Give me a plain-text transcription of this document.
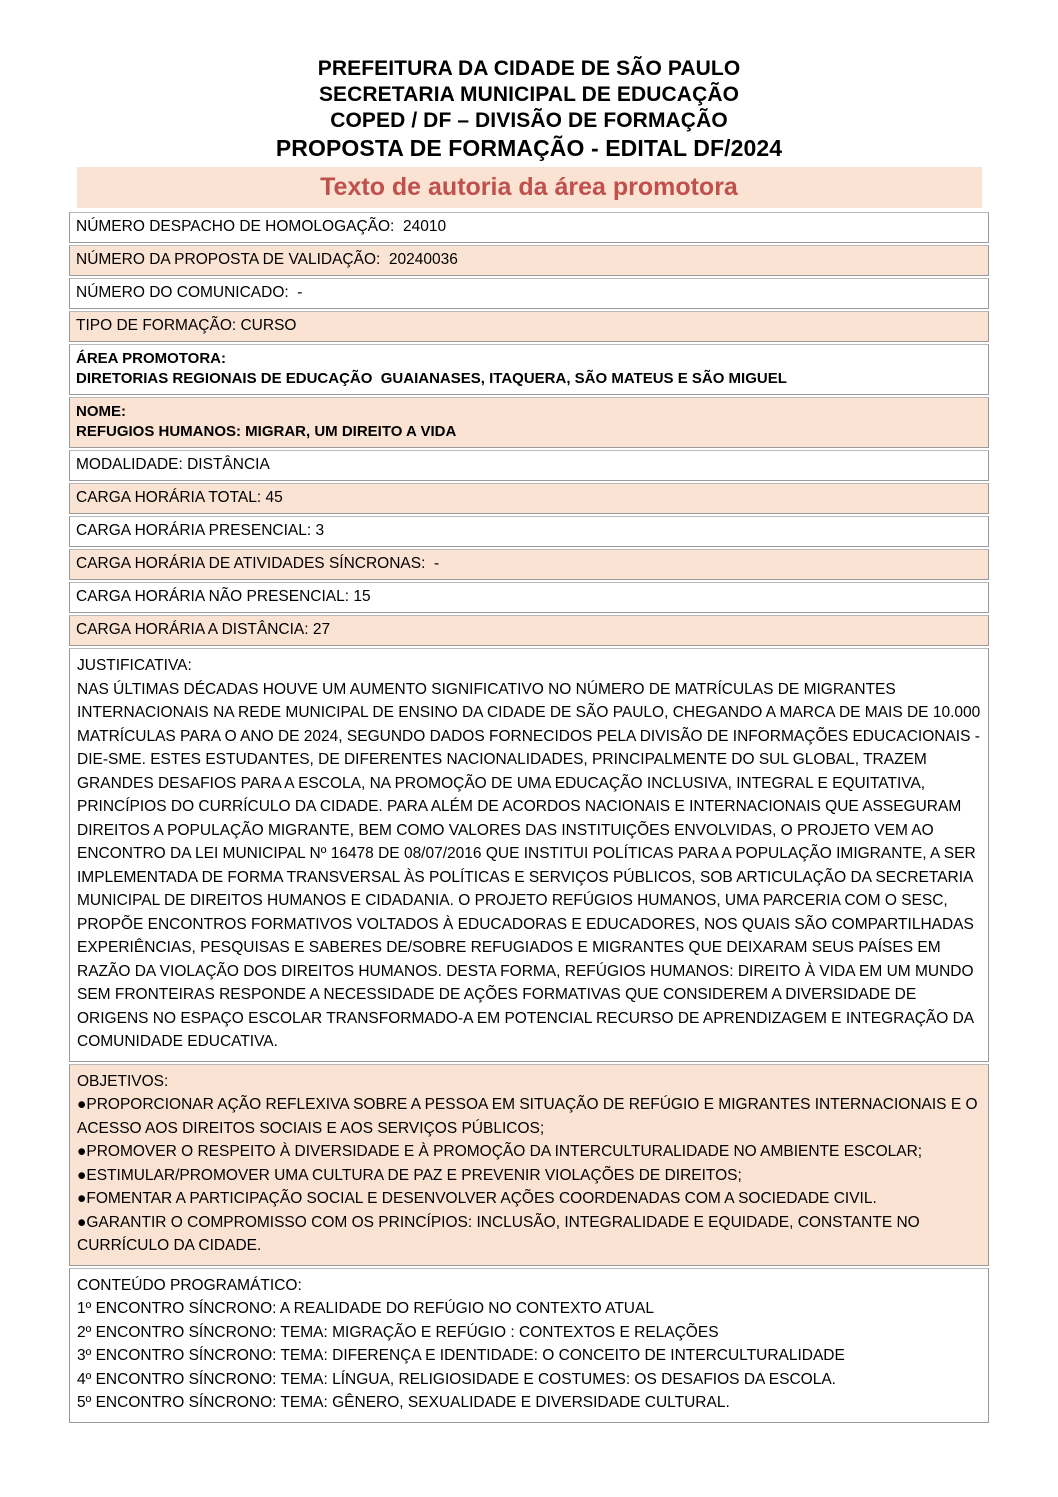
PREFEITURA DA CIDADE DE SÃO PAULO
SECRETARIA MUNICIPAL DE EDUCAÇÃO
COPED / DF – DIVISÃO DE FORMAÇÃO
PROPOSTA DE FORMAÇÃO - EDITAL DF/2024
Texto de autoria da área promotora
NÚMERO DESPACHO DE HOMOLOGAÇÃO:  24010
NÚMERO DA PROPOSTA DE VALIDAÇÃO:  20240036
NÚMERO DO COMUNICADO:  -
TIPO DE FORMAÇÃO: CURSO
ÁREA PROMOTORA:
DIRETORIAS REGIONAIS DE EDUCAÇÃO  GUAIANASES, ITAQUERA, SÃO MATEUS E SÃO MIGUEL
NOME:
REFUGIOS HUMANOS: MIGRAR, UM DIREITO A VIDA
MODALIDADE: DISTÂNCIA
CARGA HORÁRIA TOTAL: 45
CARGA HORÁRIA PRESENCIAL: 3
CARGA HORÁRIA DE ATIVIDADES SÍNCRONAS:  -
CARGA HORÁRIA NÃO PRESENCIAL: 15
CARGA HORÁRIA A DISTÂNCIA: 27
JUSTIFICATIVA:
NAS ÚLTIMAS DÉCADAS HOUVE UM AUMENTO SIGNIFICATIVO NO NÚMERO DE MATRÍCULAS DE MIGRANTES INTERNACIONAIS NA REDE MUNICIPAL DE ENSINO DA CIDADE DE SÃO PAULO, CHEGANDO A MARCA DE MAIS DE 10.000 MATRÍCULAS PARA O ANO DE 2024, SEGUNDO DADOS FORNECIDOS PELA DIVISÃO DE INFORMAÇÕES EDUCACIONAIS - DIE-SME. ESTES ESTUDANTES, DE DIFERENTES NACIONALIDADES, PRINCIPALMENTE DO SUL GLOBAL, TRAZEM GRANDES DESAFIOS PARA A ESCOLA, NA PROMOÇÃO DE UMA EDUCAÇÃO INCLUSIVA, INTEGRAL E EQUITATIVA, PRINCÍPIOS DO CURRÍCULO DA CIDADE. PARA ALÉM DE ACORDOS NACIONAIS E INTERNACIONAIS QUE ASSEGURAM DIREITOS A POPULAÇÃO MIGRANTE, BEM COMO VALORES DAS INSTITUIÇÕES ENVOLVIDAS, O PROJETO VEM AO ENCONTRO DA LEI MUNICIPAL Nº 16478 DE 08/07/2016 QUE INSTITUI POLÍTICAS PARA A POPULAÇÃO IMIGRANTE, A SER IMPLEMENTADA DE FORMA TRANSVERSAL ÀS POLÍTICAS E SERVIÇOS PÚBLICOS, SOB ARTICULAÇÃO DA SECRETARIA MUNICIPAL DE DIREITOS HUMANOS E CIDADANIA. O PROJETO REFÚGIOS HUMANOS, UMA PARCERIA COM O SESC, PROPÕE ENCONTROS FORMATIVOS VOLTADOS À EDUCADORAS E EDUCADORES, NOS QUAIS SÃO COMPARTILHADAS EXPERIÊNCIAS, PESQUISAS E SABERES DE/SOBRE REFUGIADOS E MIGRANTES QUE DEIXARAM SEUS PAÍSES EM RAZÃO DA VIOLAÇÃO DOS DIREITOS HUMANOS. DESTA FORMA, REFÚGIOS HUMANOS: DIREITO À VIDA EM UM MUNDO SEM FRONTEIRAS RESPONDE A NECESSIDADE DE AÇÕES FORMATIVAS QUE CONSIDEREM A DIVERSIDADE DE ORIGENS NO ESPAÇO ESCOLAR TRANSFORMADO-A EM POTENCIAL RECURSO DE APRENDIZAGEM E INTEGRAÇÃO DA COMUNIDADE EDUCATIVA.
OBJETIVOS:
●PROPORCIONAR AÇÃO REFLEXIVA SOBRE A PESSOA EM SITUAÇÃO DE REFÚGIO E MIGRANTES INTERNACIONAIS E O ACESSO AOS DIREITOS SOCIAIS E AOS SERVIÇOS PÚBLICOS;
●PROMOVER O RESPEITO À DIVERSIDADE E À PROMOÇÃO DA INTERCULTURALIDADE NO AMBIENTE ESCOLAR;
●ESTIMULAR/PROMOVER UMA CULTURA DE PAZ E PREVENIR VIOLAÇÕES DE DIREITOS;
●FOMENTAR A PARTICIPAÇÃO SOCIAL E DESENVOLVER AÇÕES COORDENADAS COM A SOCIEDADE CIVIL.
●GARANTIR O COMPROMISSO COM OS PRINCÍPIOS: INCLUSÃO, INTEGRALIDADE E EQUIDADE, CONSTANTE NO CURRÍCULO DA CIDADE.
CONTEÚDO PROGRAMÁTICO:
1º ENCONTRO SÍNCRONO: A REALIDADE DO REFÚGIO NO CONTEXTO ATUAL
2º ENCONTRO SÍNCRONO: TEMA: MIGRAÇÃO E REFÚGIO : CONTEXTOS E RELAÇÕES
3º ENCONTRO SÍNCRONO: TEMA: DIFERENÇA E IDENTIDADE: O CONCEITO DE INTERCULTURALIDADE
4º ENCONTRO SÍNCRONO: TEMA: LÍNGUA, RELIGIOSIDADE E COSTUMES: OS DESAFIOS DA ESCOLA.
5º ENCONTRO SÍNCRONO: TEMA: GÊNERO, SEXUALIDADE E DIVERSIDADE CULTURAL.
